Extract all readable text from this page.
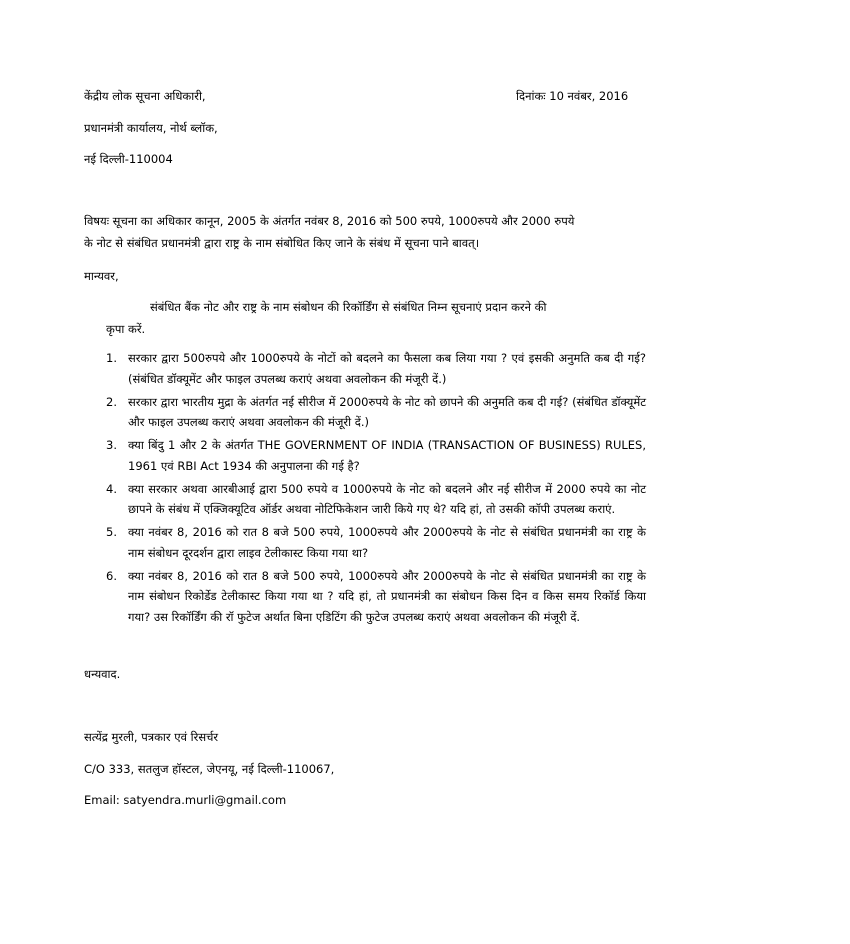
केंद्रीय लोक सूचना अधिकारी,	दिनांकः 10 नवंबर, 2016
प्रधानमंत्री कार्यालय, नोर्थ ब्लॉक,
नई दिल्ली-110004
विषयः सूचना का अधिकार कानून, 2005 के अंतर्गत नवंबर 8, 2016 को 500 रुपये, 1000रुपये और 2000 रुपये
के नोट से संबंधित प्रधानमंत्री द्वारा राष्ट्र के नाम संबोधित किए जाने के संबंध में सूचना पाने बावत्।
मान्यवर,
संबंधित बैंक नोट और राष्ट्र के नाम संबोधन की रिकॉर्डिंग से संबंधित निम्न सूचनाएं प्रदान करने की
कृपा करें.
1. सरकार द्वारा 500रुपये और 1000रुपये के नोटों को बदलने का फैसला कब लिया गया ? एवं इसकी अनुमति कब दी गई? (संबंधित डॉक्यूमेंट और फाइल उपलब्ध कराएं अथवा अवलोकन की मंजूरी दें.)
2. सरकार द्वारा भारतीय मुद्रा के अंतर्गत नई सीरीज में 2000रुपये के नोट को छापने की अनुमति कब दी गई? (संबंधित डॉक्यूमेंट और फाइल उपलब्ध कराएं अथवा अवलोकन की मंजूरी दें.)
3. क्या बिंदु 1 और 2 के अंतर्गत THE GOVERNMENT OF INDIA (TRANSACTION OF BUSINESS) RULES, 1961 एवं RBI Act 1934 की अनुपालना की गई है?
4. क्या सरकार अथवा आरबीआई द्वारा 500 रुपये व 1000रुपये के नोट को बदलने और नई सीरीज में 2000 रुपये का नोट छापने के संबंध में एक्जिक्यूटिव ऑर्डर अथवा नोटिफिकेशन जारी किये गए थे? यदि हां, तो उसकी कॉपी उपलब्ध कराएं.
5. क्या नवंबर 8, 2016 को रात 8 बजे 500 रुपये, 1000रुपये और 2000रुपये के नोट से संबंधित प्रधानमंत्री का राष्ट्र के नाम संबोधन दूरदर्शन द्वारा लाइव टेलीकास्ट किया गया था?
6. क्या नवंबर 8, 2016 को रात 8 बजे 500 रुपये, 1000रुपये और 2000रुपये के नोट से संबंधित प्रधानमंत्री का राष्ट्र के नाम संबोधन रिकोर्डेड टेलीकास्ट किया गया था ? यदि हां, तो प्रधानमंत्री का संबोधन किस दिन व किस समय रिकॉर्ड किया गया? उस रिकॉर्डिंग की रॉ फुटेज अर्थात बिना एडिटिंग की फुटेज उपलब्ध कराएं अथवा अवलोकन की मंजूरी दें.
धन्यवाद.
सत्येंद्र मुरली, पत्रकार एवं रिसर्चर
C/O 333, सतलुज हॉस्टल, जेएनयू, नई दिल्ली-110067,
Email: satyendra.murli@gmail.com
